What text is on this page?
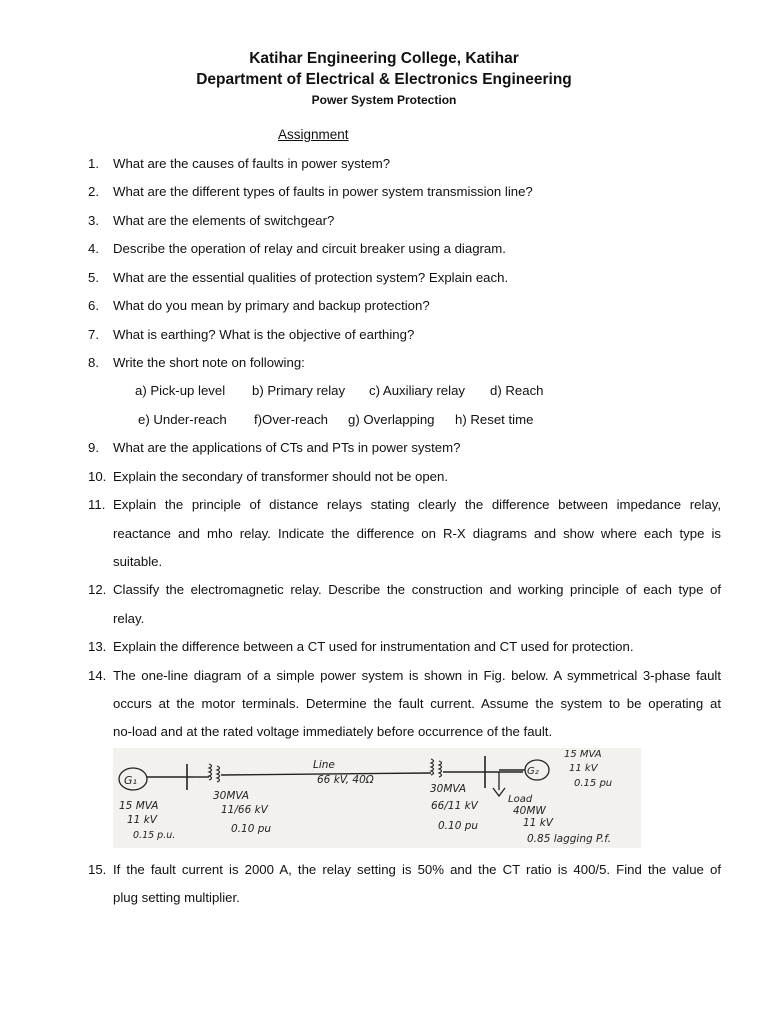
Katihar Engineering College, Katihar
Department of Electrical & Electronics Engineering
Power System Protection
Assignment
1.	What are the causes of faults in power system?
2.	What are the different types of faults in power system transmission line?
3.	What are the elements of switchgear?
4.	Describe the operation of relay and circuit breaker using a diagram.
5.	What are the essential qualities of protection system? Explain each.
6.	What do you mean by primary and backup protection?
7.	What is earthing? What is the objective of earthing?
8.	Write the short note on following:
a) Pick-up level b) Primary relay c) Auxiliary relay d) Reach
e) Under-reach f)Over-reach g) Overlapping h) Reset time
9.	What are the applications of CTs and PTs in power system?
10. Explain the secondary of transformer should not be open.
11. Explain the principle of distance relays stating clearly the difference between impedance relay,
reactance and mho relay. Indicate the difference on R-X diagrams and show where each type is
suitable.
12. Classify the electromagnetic relay. Describe the construction and working principle of each type of
relay.
13. Explain the difference between a CT used for instrumentation and CT used for protection.
14. The one-line diagram of a simple power system is shown in Fig. below. A symmetrical 3-phase fault
occurs at the motor terminals. Determine the fault current. Assume the system to be operating at
no-load and at the rated voltage immediately before occurrence of the fault.
G₁
G₂
15 MVA
11 kV
0.15 p.u.
30MVA
11/66 kV
0.10 pu
Line
66 kV, 40Ω
30MVA
66/11 kV
0.10 pu
Load
40MW
11 kV
0.85 lagging P.f.
15 MVA
11 kV
0.15 pu
15. If the fault current is 2000 A, the relay setting is 50% and the CT ratio is 400/5. Find the value of
plug setting multiplier.
